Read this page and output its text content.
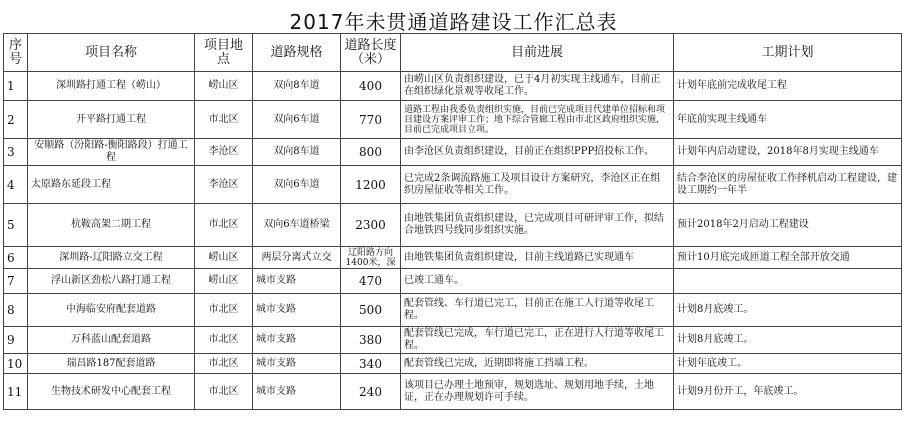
2017年未贯通道路建设工作汇总表
序号	项目名称	项目地点	道路规格	道路长度（米）	目前进展	工期计划
1	深圳路打通工程（崂山）	崂山区	双向8车道	400	由崂山区负责组织建设，已于4月初实现主线通车，目前正在组织绿化景观等收尾工作。	计划年底前完成收尾工程
2	开平路打通工程	市北区	双向6车道	770	道路工程由我委负责组织实施，目前已完成项目代建单位招标和项目建设方案评审工作；地下综合管廊工程由市北区政府组织实施，目前已完成项目立项。	年底前实现主线通车
3	安顺路（汾阳路-衡阳路段）打通工程	李沧区	双向8车道	800	由李沧区负责组织建设，目前正在组织PPP招投标工作。	计划年内启动建设，2018年8月实现主线通车
4	太原路东延段工程	李沧区	双向6车道	1200	已完成2条调流路施工及项目设计方案研究，李沧区正在组织房屋征收等相关工作。	结合李沧区的房屋征收工作择机启动工程建设，建设工期约一年半
5	杭鞍高架二期工程	市北区	双向6车道桥梁	2300	由地铁集团负责组织建设，已完成项目可研评审工作，拟结合地铁四号线同步组织实施。	预计2018年2月启动工程建设
6	深圳路-辽阳路立交工程	崂山区	两层分离式立交	辽阳路方向1400米，深	由地铁集团负责组织建设，目前主线道路已实现通车	预计10月底完成匝道工程全部开放交通
7	浮山新区劲松八路打通工程	崂山区	城市支路	470	已竣工通车。	
8	中海临安府配套道路	市北区	城市支路	500	配套管线、车行道已完工，目前正在施工人行道等收尾工程。	计划8月底竣工。
9	万科蓝山配套道路	市北区	城市支路	380	配套管线已完成，车行道已完工，正在进行人行道等收尾工程。	计划8月底竣工。
10	瑞昌路187配套道路	市北区	城市支路	340	配套管线已完成，近期即将施工挡墙工程。	计划年底竣工。
11	生物技术研发中心配套工程	市北区	城市支路	240	该项目已办理土地预审，规划选址、规划用地手续，土地证，正在办理规划许可手续。	计划9月份开工，年底竣工。
